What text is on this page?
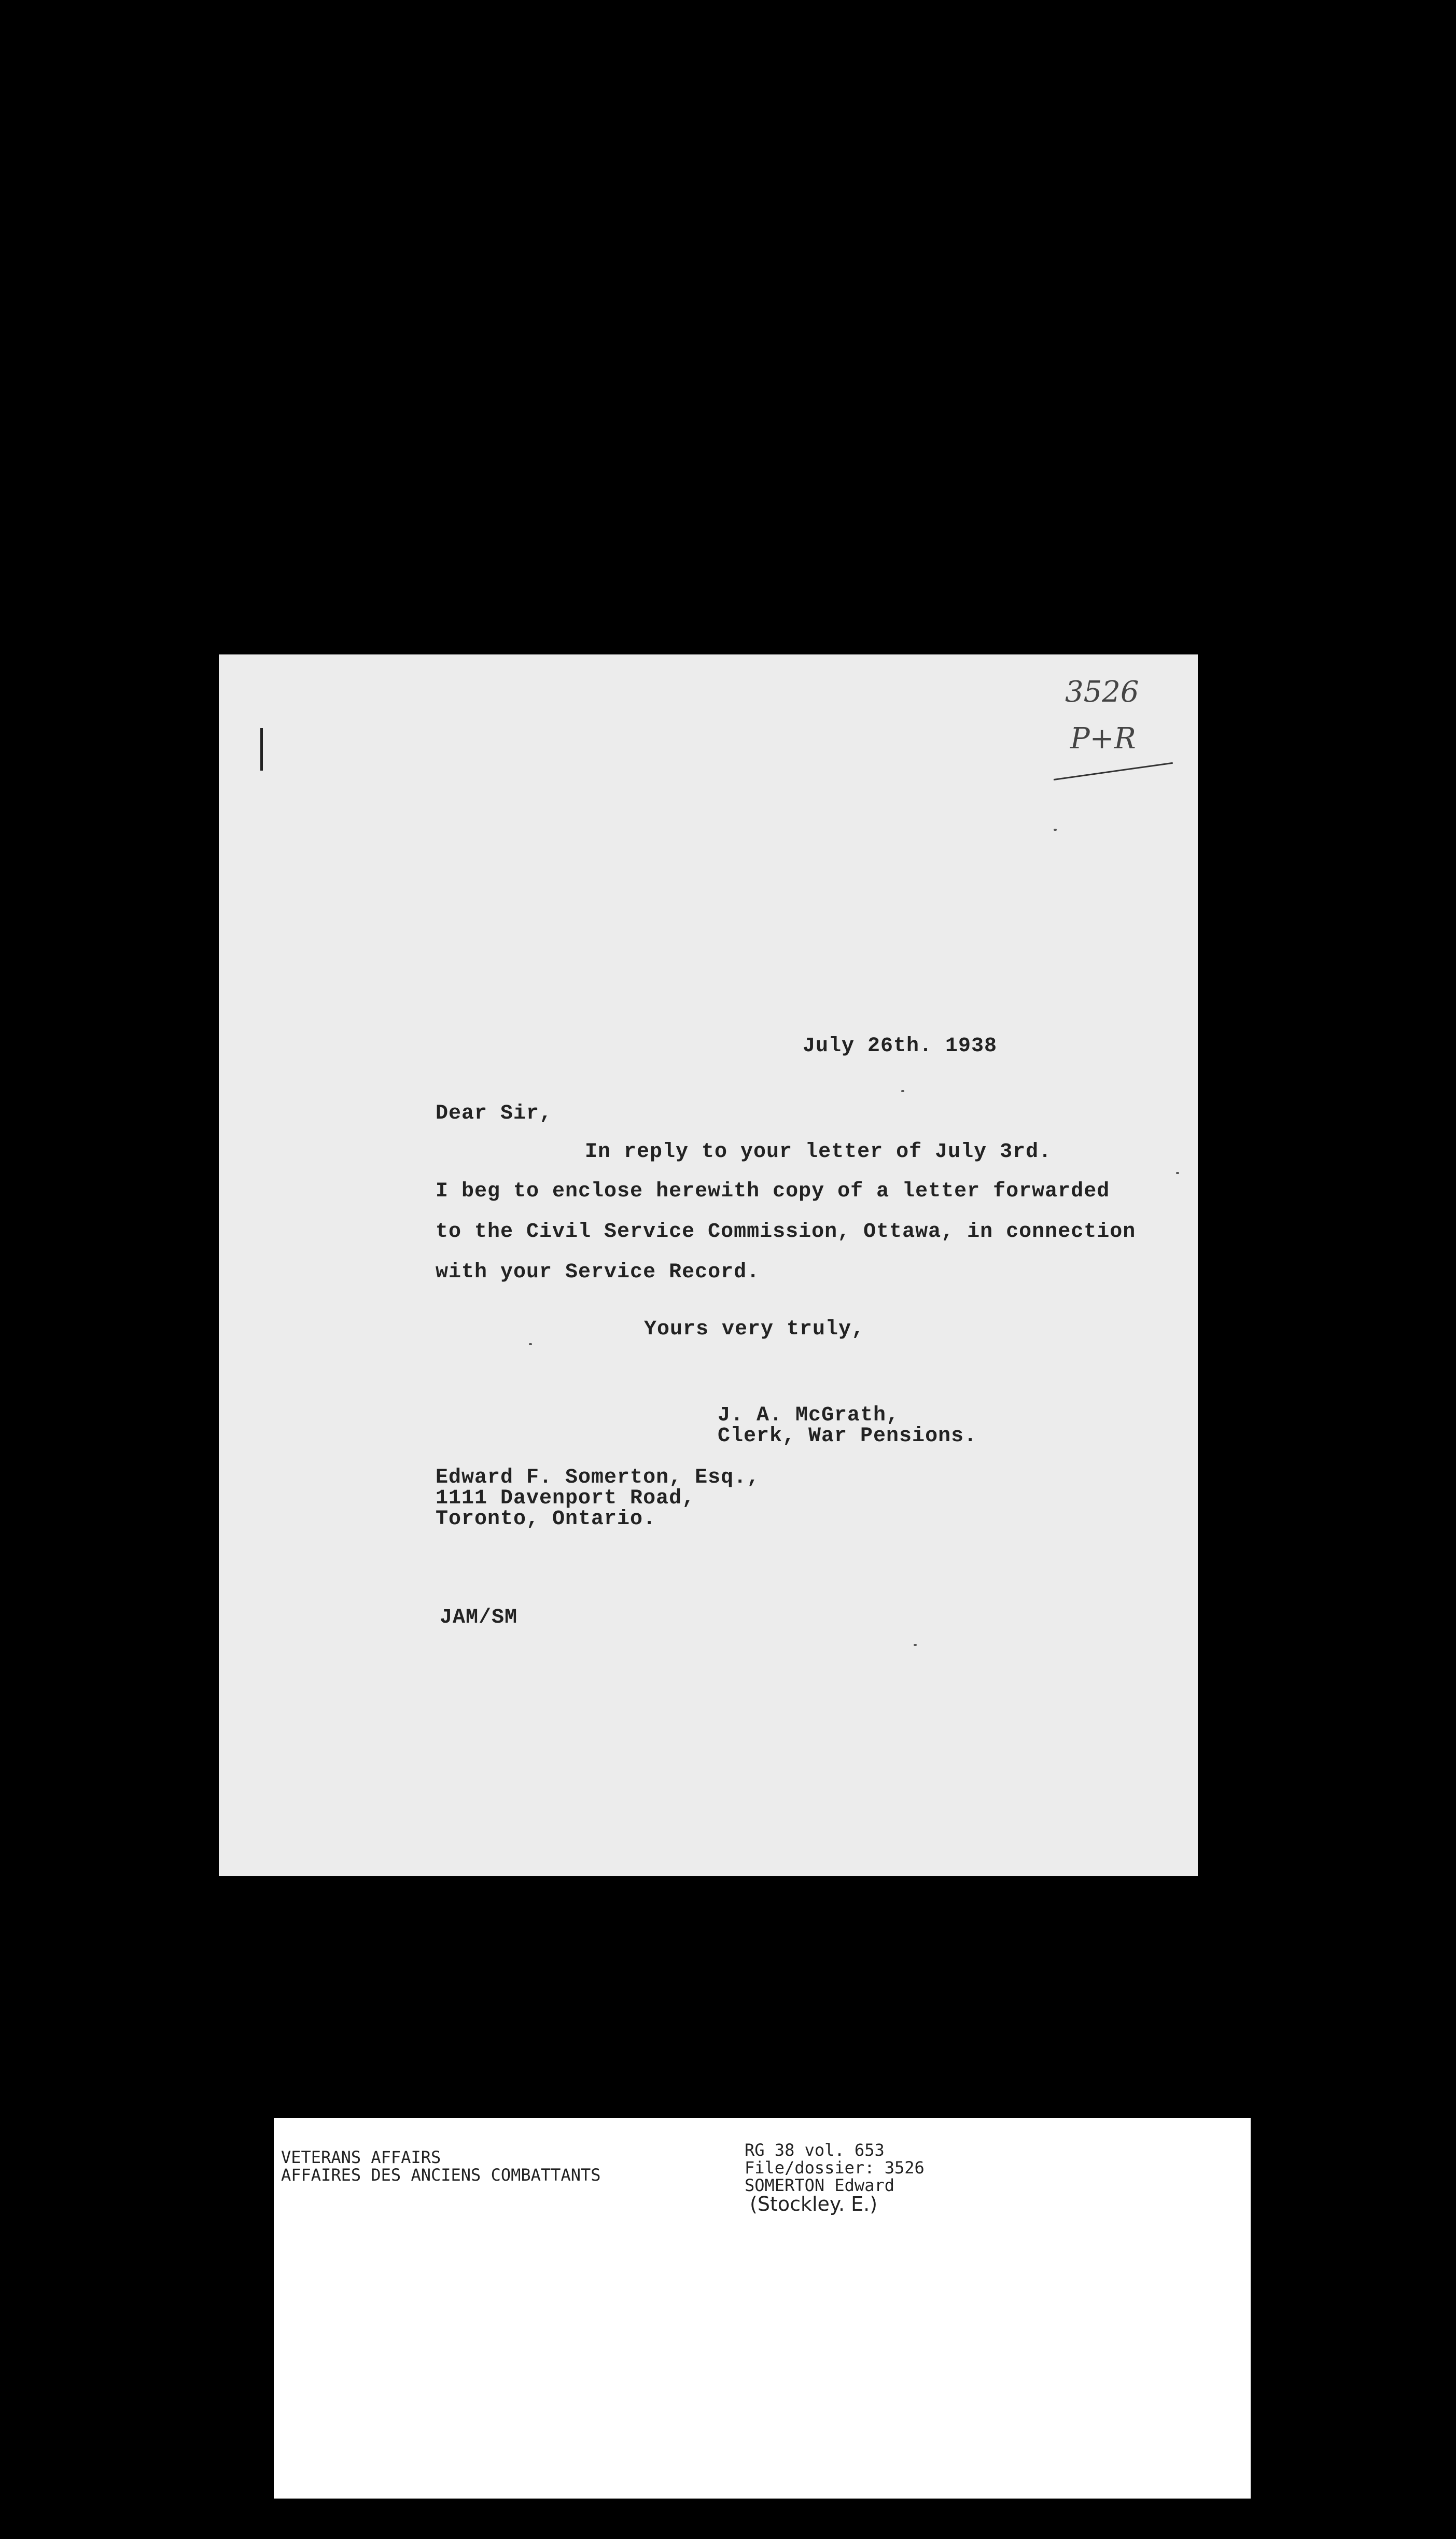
3526
P+R
July 26th. 1938
Dear Sir,
In reply to your letter of July 3rd.
I beg to enclose herewith copy of a letter forwarded
to the Civil Service Commission, Ottawa, in connection
with your Service Record.
Yours very truly,
J. A. McGrath,
Clerk, War Pensions.
Edward F. Somerton, Esq.,
1111 Davenport Road,
Toronto, Ontario.
JAM/SM
VETERANS AFFAIRS
AFFAIRES DES ANCIENS COMBATTANTS
RG 38 vol. 653
File/dossier: 3526
SOMERTON Edward
(Stockley. E.)
